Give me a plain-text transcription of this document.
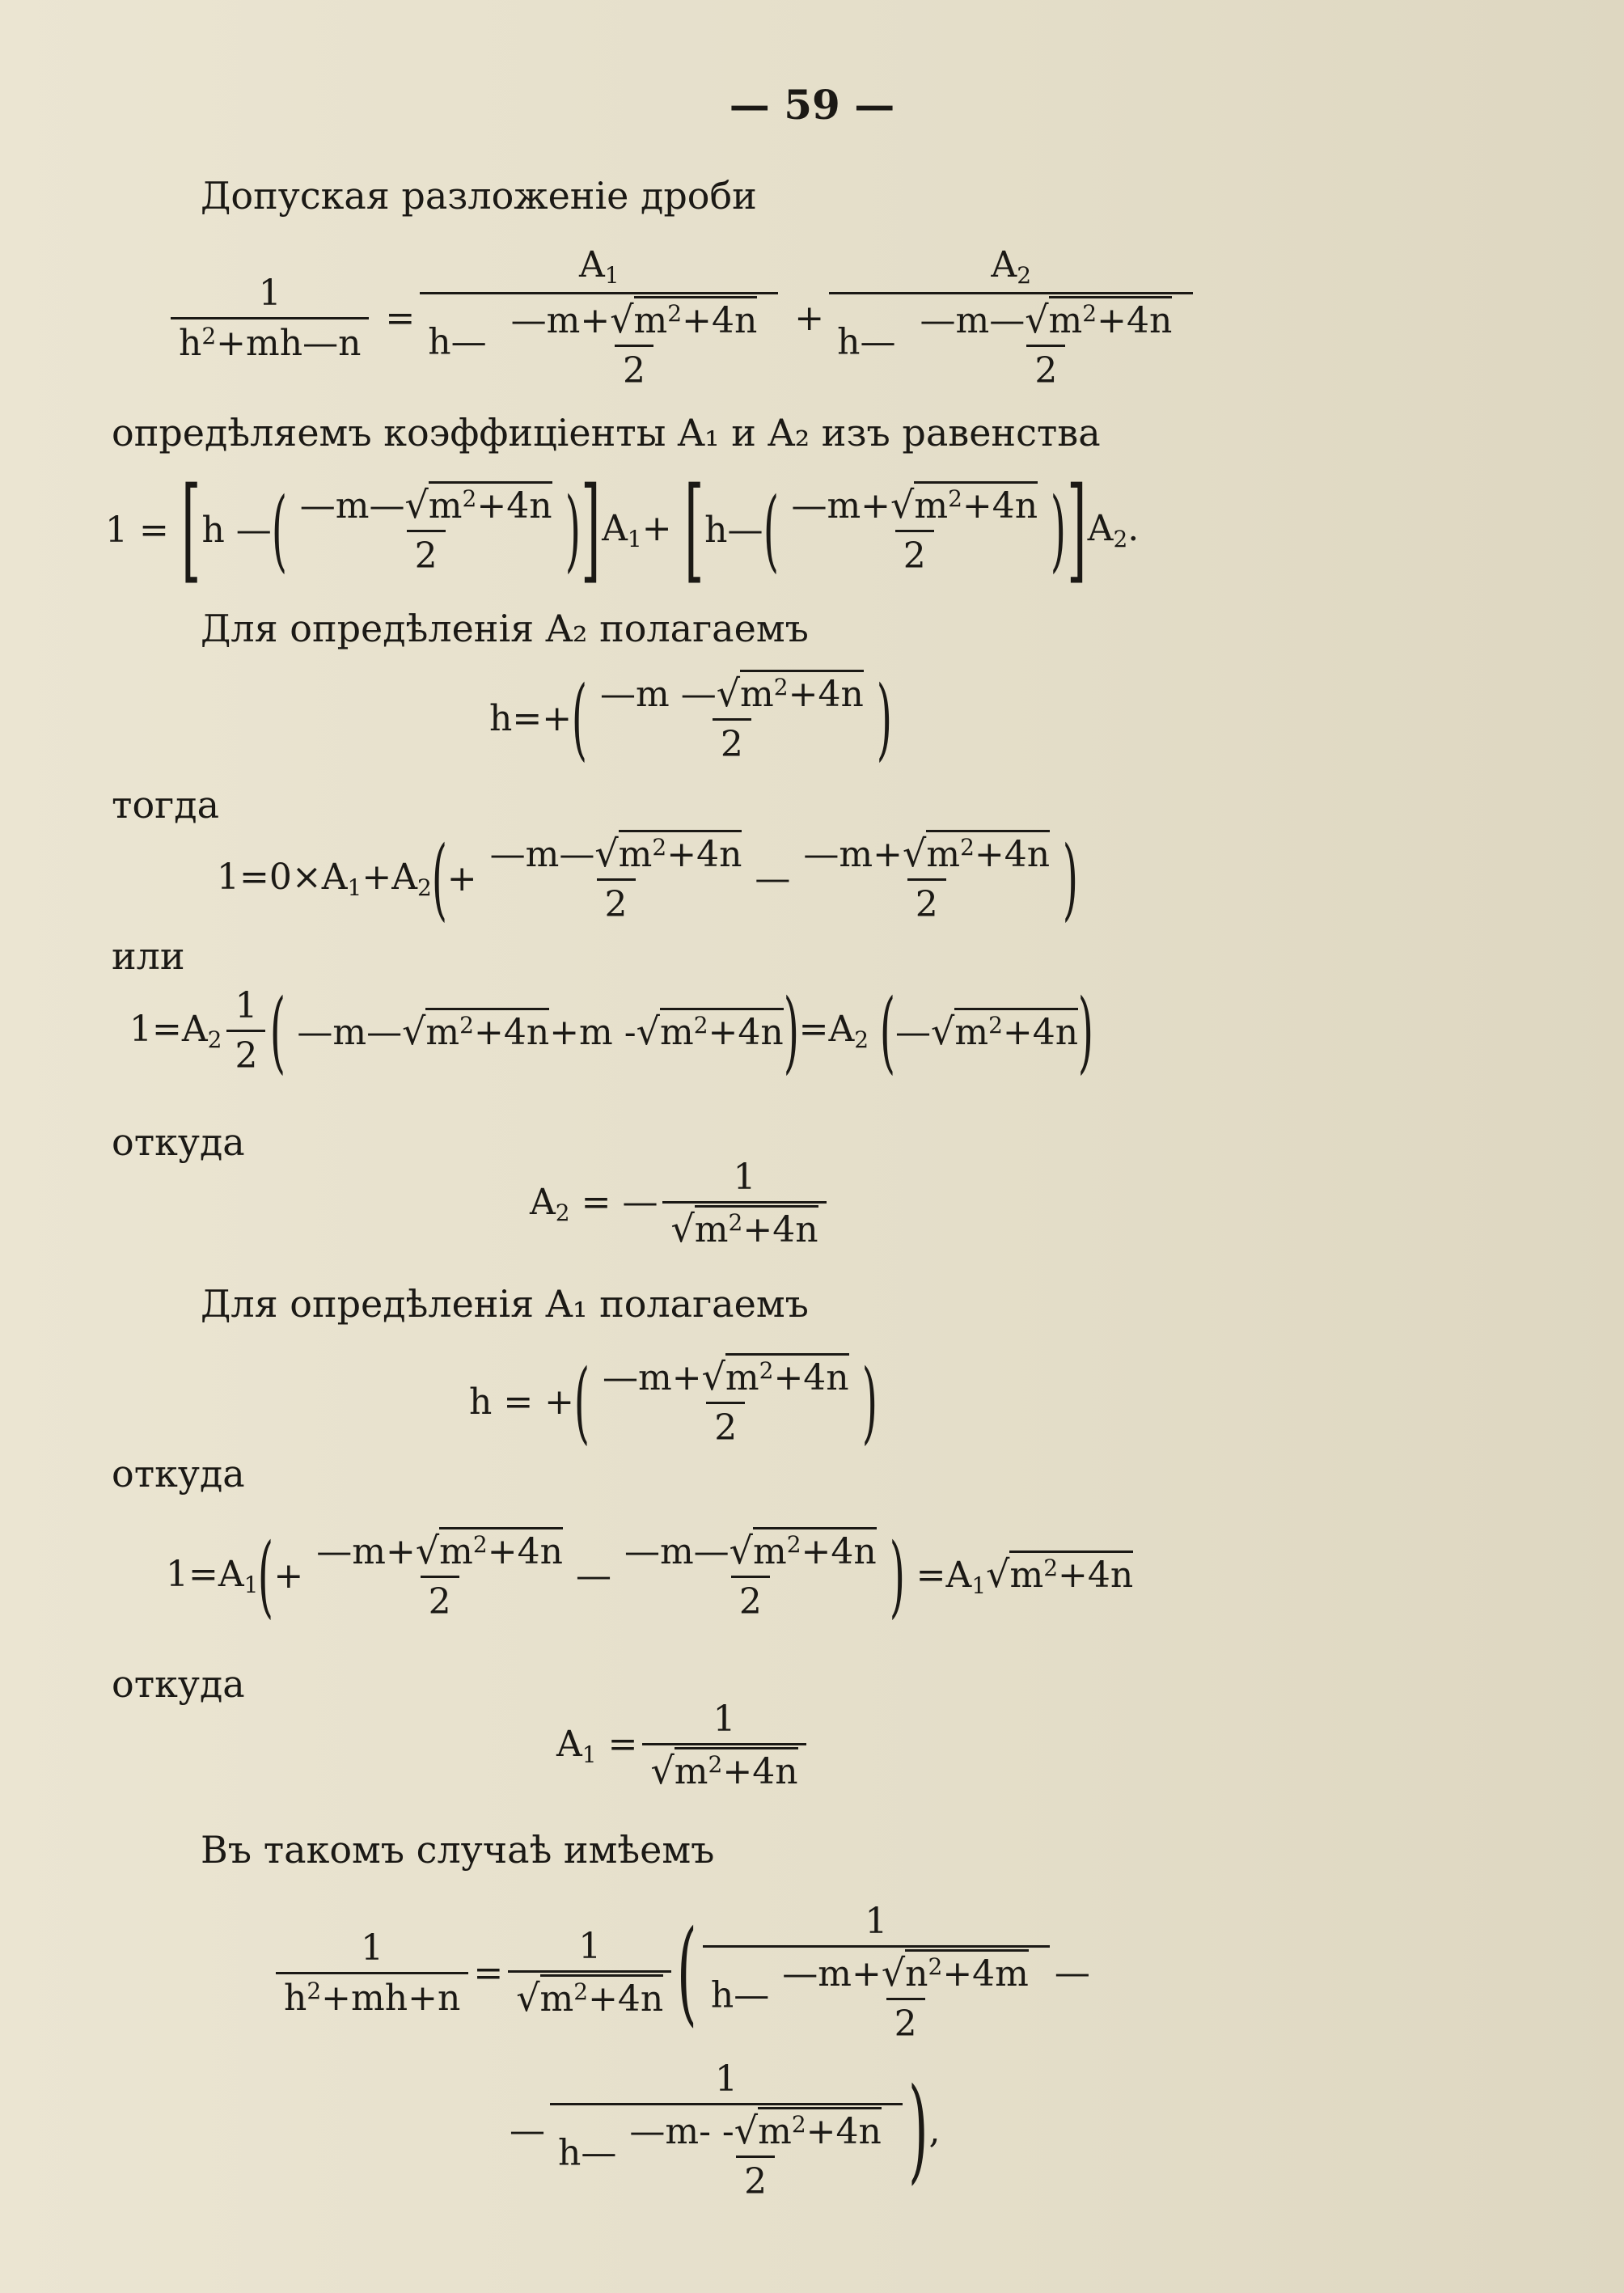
— 59 —
Допуская разложеніе дроби
$\frac{1}{h^2+mh—n} = \frac{A_1}{h— \frac{—m+√m^2+4n}{2}} + \frac{A_2}{h— \frac{—m—√m^2+4n}{2}}$
опредѣляемъ коэффиціенты A₁ и A₂ изъ равенства
1 = [ h — ( $—m—√m^2+4n$
2 ) ] $A_1+$ [ h— ( $—m+√m^2+4n$
2 ) ] $A_2$.
Для опредѣленія A₂ полагаемъ
h=+ ( —m $—√m^2+4n$
2 )
тогда
$1=0\times A_1+A_2$ ( + $\frac{—m—√m^2+4n}{2}$ —
$—m+√m^2+4n$
2 )
или
$1=A_2$
1
2 ( $—m—√m^2+4n+m$ $-√m^2+4n$ ) $=A_2$ ( $—√m^2+4n$ )
откуда
$A_2$ = —
1
$√m^2+4n$
Для опредѣленія A₁ полагаемъ
h = + ( $—m+√m^2+4n$
2 )
откуда
$1=A_1$ ( + $\frac{—m+√m^2+4n}{2}$ —
$—m—√m^2+4n$
2 ) $=A_1√m^2+4n$
откуда
$A_1 = \frac{1}{√m^2+4n}$
Въ такомъ случаѣ имѣемъ
$\frac{1}{h^2+mh+n} = \frac{1}{√m^2+4n}$ (	1
h— $\frac{—m+√n^2+4m}{2}$ —
—
1
h— $\frac{—m- -√m^2+4n}{2}$ ) ,
